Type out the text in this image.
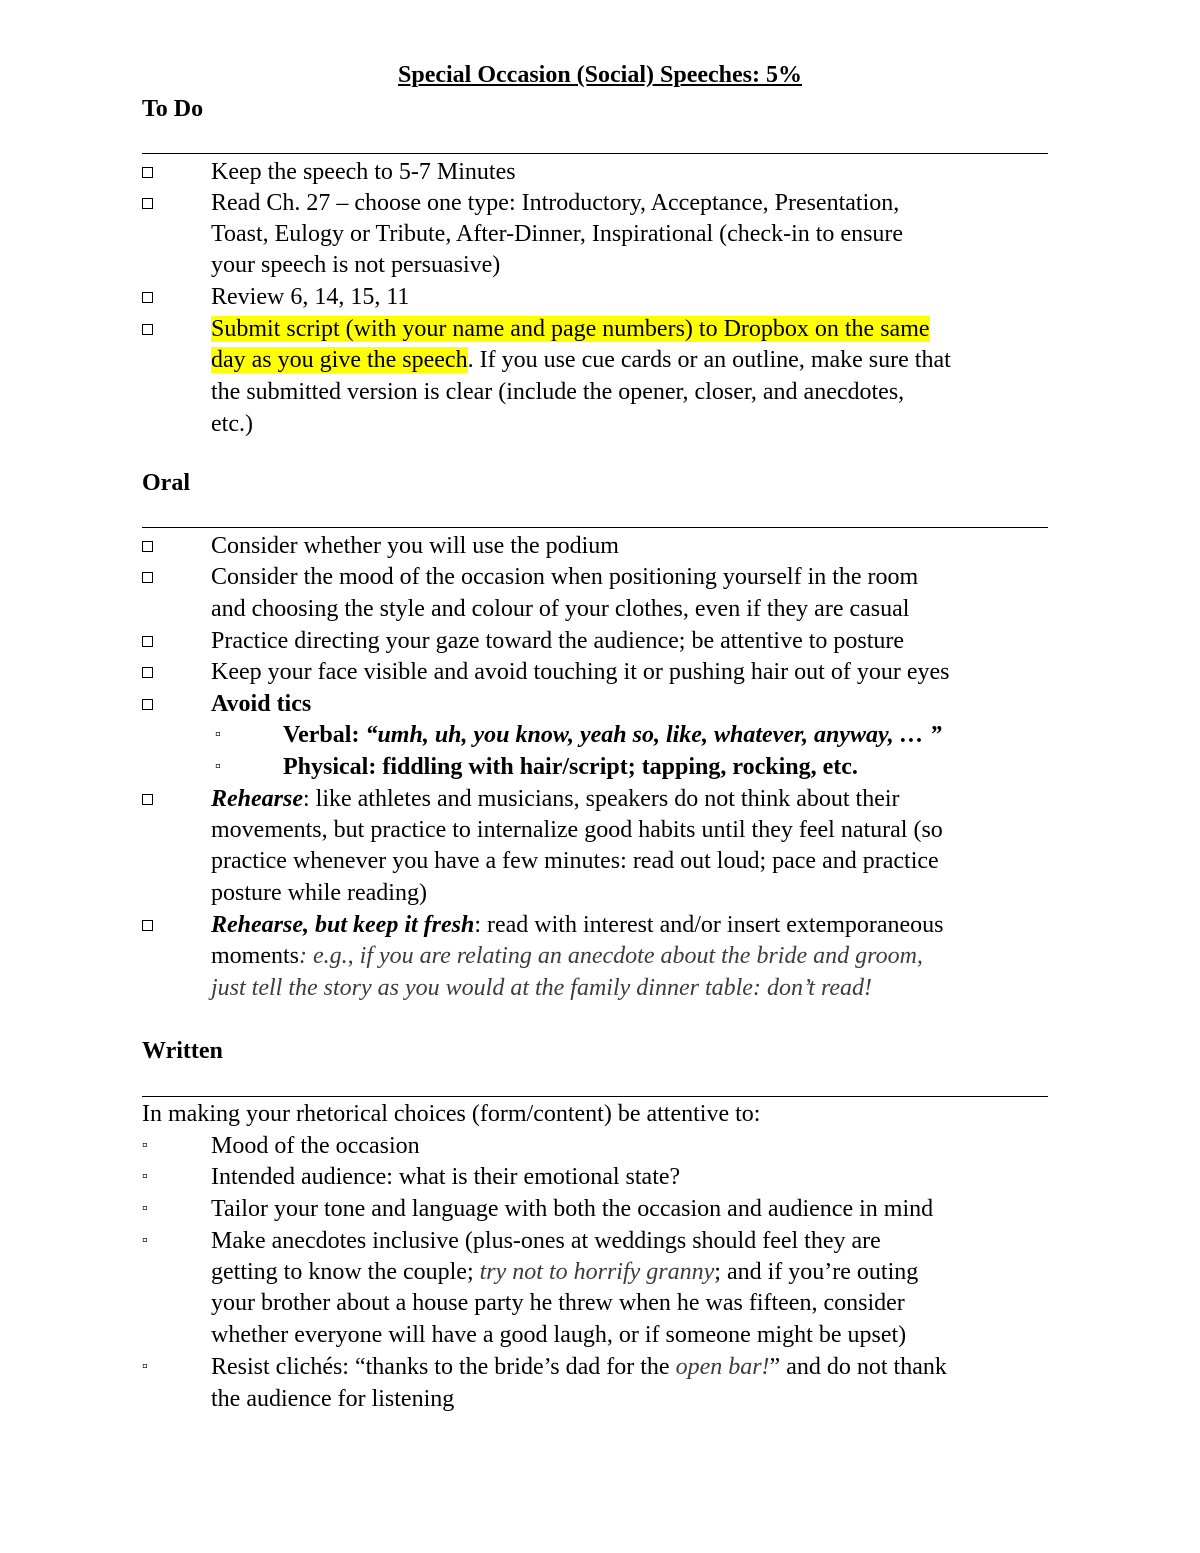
Special Occasion (Social) Speeches: 5%
To Do
Keep the speech to 5-7 Minutes
Read Ch. 27 – choose one type: Introductory, Acceptance, Presentation,
Toast, Eulogy or Tribute, After-Dinner, Inspirational (check-in to ensure
your speech is not persuasive)
Review 6, 14, 15, 11
Submit script (with your name and page numbers) to Dropbox on the same
day as you give the speech. If you use cue cards or an outline, make sure that
the submitted version is clear (include the opener, closer, and anecdotes,
etc.)
Oral
Consider whether you will use the podium
Consider the mood of the occasion when positioning yourself in the room
and choosing the style and colour of your clothes, even if they are casual
Practice directing your gaze toward the audience; be attentive to posture
Keep your face visible and avoid touching it or pushing hair out of your eyes
Avoid tics
▫	Verbal: “umh, uh, you know, yeah so, like, whatever, anyway, … ”
▫	Physical: fiddling with hair/script; tapping, rocking, etc.
Rehearse: like athletes and musicians, speakers do not think about their
movements, but practice to internalize good habits until they feel natural (so
practice whenever you have a few minutes: read out loud; pace and practice
posture while reading)
Rehearse, but keep it fresh: read with interest and/or insert extemporaneous
moments: e.g., if you are relating an anecdote about the bride and groom,
just tell the story as you would at the family dinner table: don’t read!
Written
In making your rhetorical choices (form/content) be attentive to:
▫	Mood of the occasion
▫	Intended audience: what is their emotional state?
▫	Tailor your tone and language with both the occasion and audience in mind
▫	Make anecdotes inclusive (plus-ones at weddings should feel they are
getting to know the couple; try not to horrify granny; and if you’re outing
your brother about a house party he threw when he was fifteen, consider
whether everyone will have a good laugh, or if someone might be upset)
▫	Resist clichés: “thanks to the bride’s dad for the open bar!” and do not thank
the audience for listening
